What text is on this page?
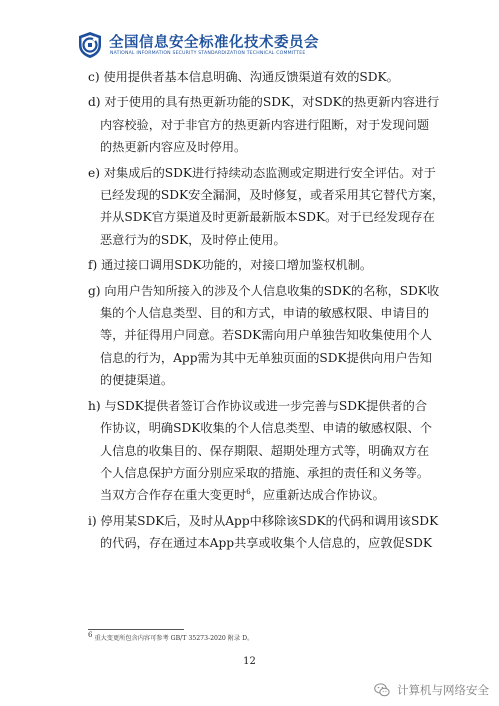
全国信息安全标准化技术委员会
NATIONAL INFORMATION SECURITY STANDARDIZATION TECHNICAL COMMITTEE

c) 使用提供者基本信息明确、沟通反馈渠道有效的SDK。

d) 对于使用的具有热更新功能的SDK，对SDK的热更新内容进行
内容校验，对于非官方的热更新内容进行阻断，对于发现问题
的热更新内容应及时停用。

e) 对集成后的SDK进行持续动态监测或定期进行安全评估。对于
已经发现的SDK安全漏洞，及时修复，或者采用其它替代方案，
并从SDK官方渠道及时更新最新版本SDK。对于已经发现存在
恶意行为的SDK，及时停止使用。

f) 通过接口调用SDK功能的，对接口增加鉴权机制。

g) 向用户告知所接入的涉及个人信息收集的SDK的名称，SDK收
集的个人信息类型、目的和方式，申请的敏感权限、申请目的
等，并征得用户同意。若SDK需向用户单独告知收集使用个人
信息的行为，App需为其中无单独页面的SDK提供向用户告知
的便捷渠道。

h) 与SDK提供者签订合作协议或进一步完善与SDK提供者的合
作协议，明确SDK收集的个人信息类型、申请的敏感权限、个
人信息的收集目的、保存期限、超期处理方式等，明确双方在
个人信息保护方面分别应采取的措施、承担的责任和义务等。
当双方合作存在重大变更时$^6$，应重新达成合作协议。

i) 停用某SDK后，及时从App中移除该SDK的代码和调用该SDK
的代码，存在通过本App共享或收集个人信息的，应敦促SDK

$^6$ 重大变更所包含内容可参考 GB/T 35273-2020 附录 D。
12
计算机与网络安全
